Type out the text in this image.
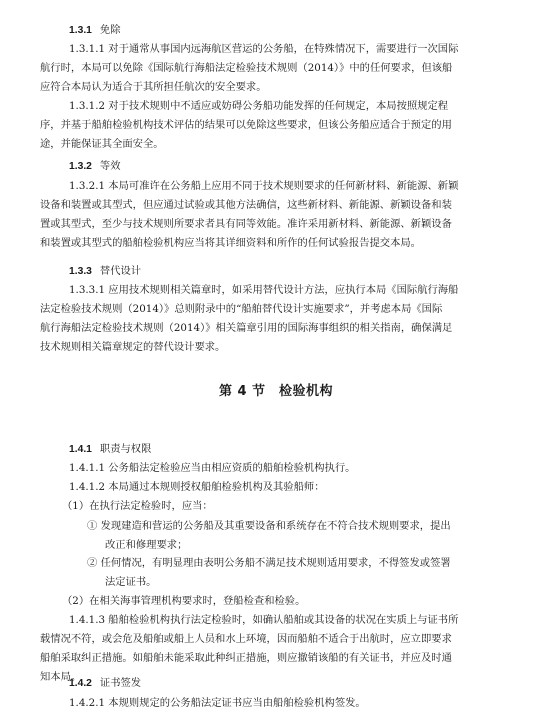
1.3.1 免除
1.3.1.1 对于通常从事国内远海航区营运的公务船，在特殊情况下，需要进行一次国际
航行时，本局可以免除《国际航行海船法定检验技术规则（2014）》中的任何要求，但该船
应符合本局认为适合于其所担任航次的安全要求。
1.3.1.2 对于技术规则中不适应或妨碍公务船功能发挥的任何规定，本局按照规定程
序，并基于船舶检验机构技术评估的结果可以免除这些要求，但该公务船应适合于预定的用
途，并能保证其全面安全。
1.3.2 等效
1.3.2.1 本局可准许在公务船上应用不同于技术规则要求的任何新材料、新能源、新颖
设备和装置或其型式，但应通过试验或其他方法确信，这些新材料、新能源、新颖设备和装
置或其型式，至少与技术规则所要求者具有同等效能。准许采用新材料、新能源、新颖设备
和装置或其型式的船舶检验机构应当将其详细资料和所作的任何试验报告提交本局。
1.3.3 替代设计
1.3.3.1 应用技术规则相关篇章时，如采用替代设计方法，应执行本局《国际航行海船
法定检验技术规则（2014）》总则附录中的“船舶替代设计实施要求”，并考虑本局《国际
航行海船法定检验技术规则（2014）》相关篇章引用的国际海事组织的相关指南，确保满足
技术规则相关篇章规定的替代设计要求。
第 4 节　检验机构
1.4.1 职责与权限
1.4.1.1 公务船法定检验应当由相应资质的船舶检验机构执行。
1.4.1.2 本局通过本规则授权船舶检验机构及其验船师：
（1）在执行法定检验时，应当：
① 发现建造和营运的公务船及其重要设备和系统存在不符合技术规则要求，提出
改正和修理要求；
② 任何情况，有明显理由表明公务船不满足技术规则适用要求，不得签发或签署
法定证书。
（2）在相关海事管理机构要求时，登船检查和检验。
1.4.1.3 船舶检验机构执行法定检验时，如确认船舶或其设备的状况在实质上与证书所
载情况不符，或会危及船舶或船上人员和水上环境，因而船舶不适合于出航时，应立即要求
船舶采取纠正措施。如船舶未能采取此种纠正措施，则应撤销该船的有关证书，并应及时通
知本局。
1.4.2 证书签发
1.4.2.1 本规则规定的公务船法定证书应当由船舶检验机构签发。
